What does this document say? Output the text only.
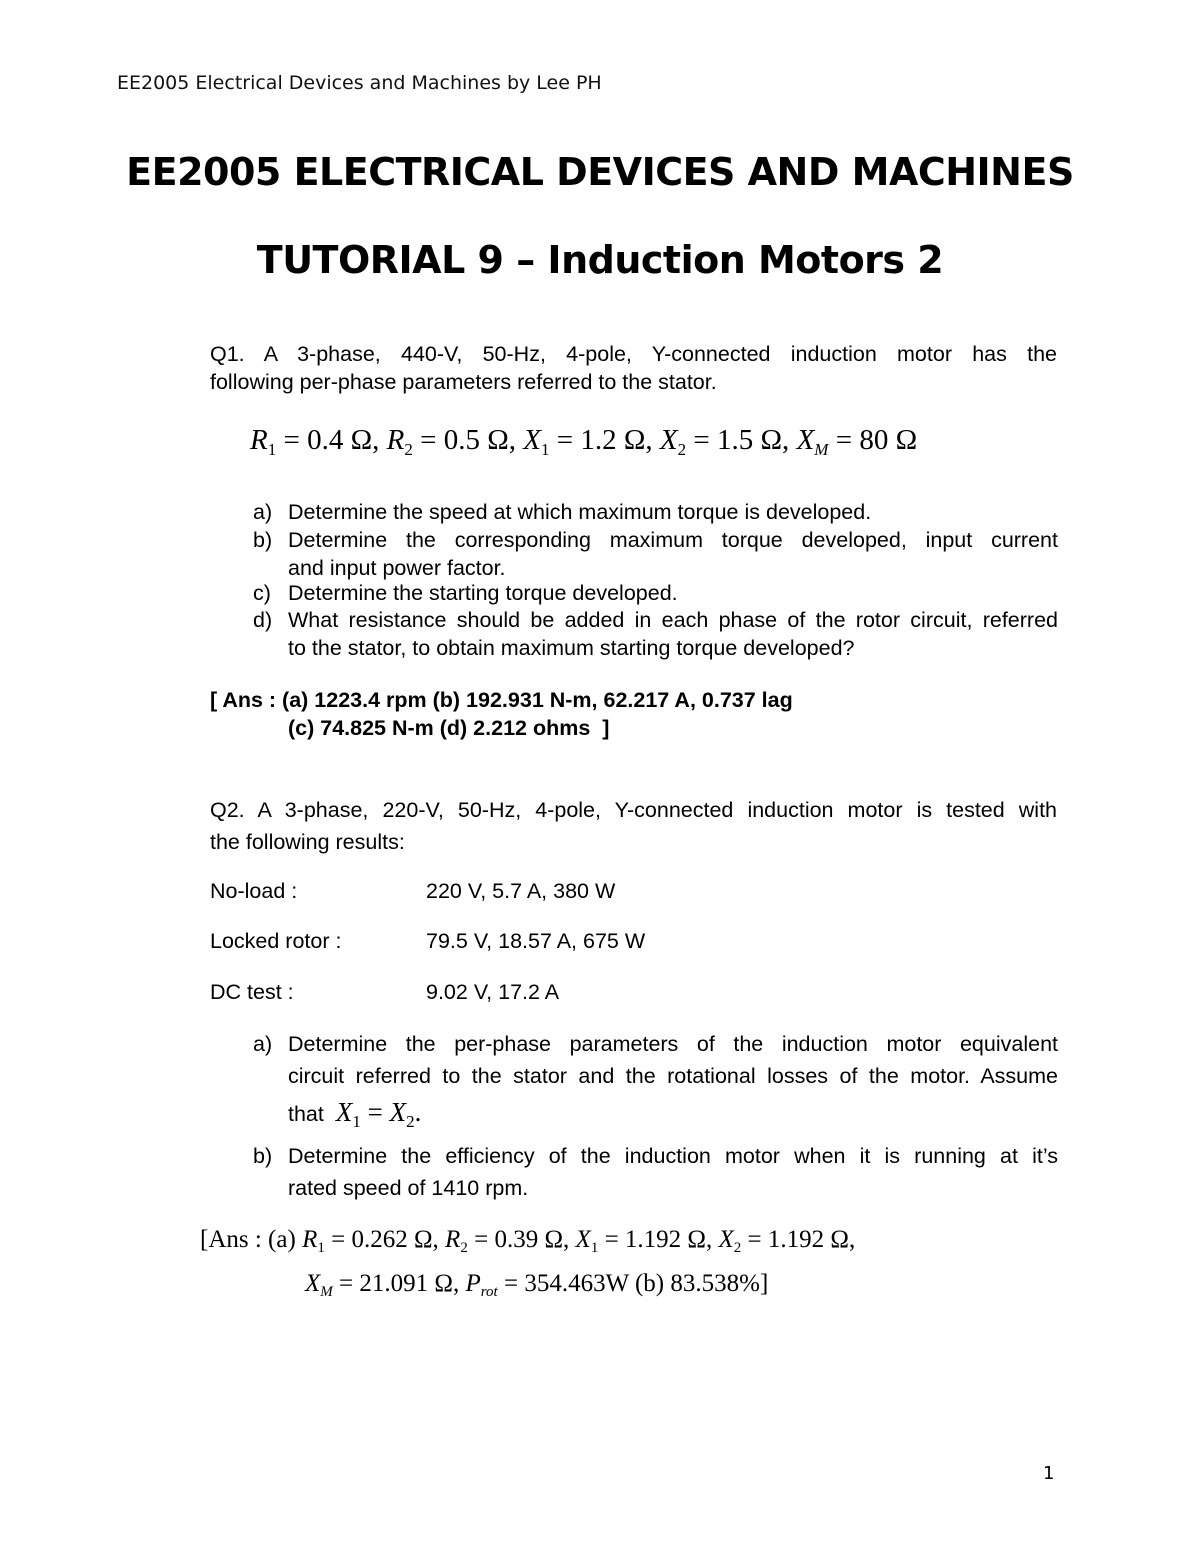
EE2005 Electrical Devices and Machines by Lee PH
EE2005 ELECTRICAL DEVICES AND MACHINES
TUTORIAL 9 – Induction Motors 2
Q1. A 3-phase, 440-V, 50-Hz, 4-pole, Y-connected induction motor has the
following per-phase parameters referred to the stator.
$R_1 = 0.4$ Ω, $R_2 = 0.5$ Ω, $X_1 = 1.2$ Ω, $X_2 = 1.5$ Ω, $X_M = 80$ Ω
a) Determine the speed at which maximum torque is developed.
b) Determine the corresponding maximum torque developed, input current
and input power factor.
c) Determine the starting torque developed.
d) What resistance should be added in each phase of the rotor circuit, referred
to the stator, to obtain maximum starting torque developed?
[ Ans : (a) 1223.4 rpm (b) 192.931 N-m, 62.217 A, 0.737 lag
(c) 74.825 N-m (d) 2.212 ohms  ]
Q2. A 3-phase, 220-V, 50-Hz, 4-pole, Y-connected induction motor is tested with
the following results:
No-load :	220 V, 5.7 A, 380 W
Locked rotor :	79.5 V, 18.57 A, 675 W
DC test :	9.02 V, 17.2 A
a) Determine the per-phase parameters of the induction motor equivalent
circuit referred to the stator and the rotational losses of the motor. Assume
that $X_1 = X_2$.
b) Determine the efficiency of the induction motor when it is running at it’s
rated speed of 1410 rpm.
[Ans : (a) $R_1 = 0.262$ Ω, $R_2 = 0.39$ Ω, $X_1 = 1.192$ Ω, $X_2 = 1.192$ Ω,
$X_M = 21.091$ Ω, $P_{rot} = 354.463W$ (b) 83.538%]
1
